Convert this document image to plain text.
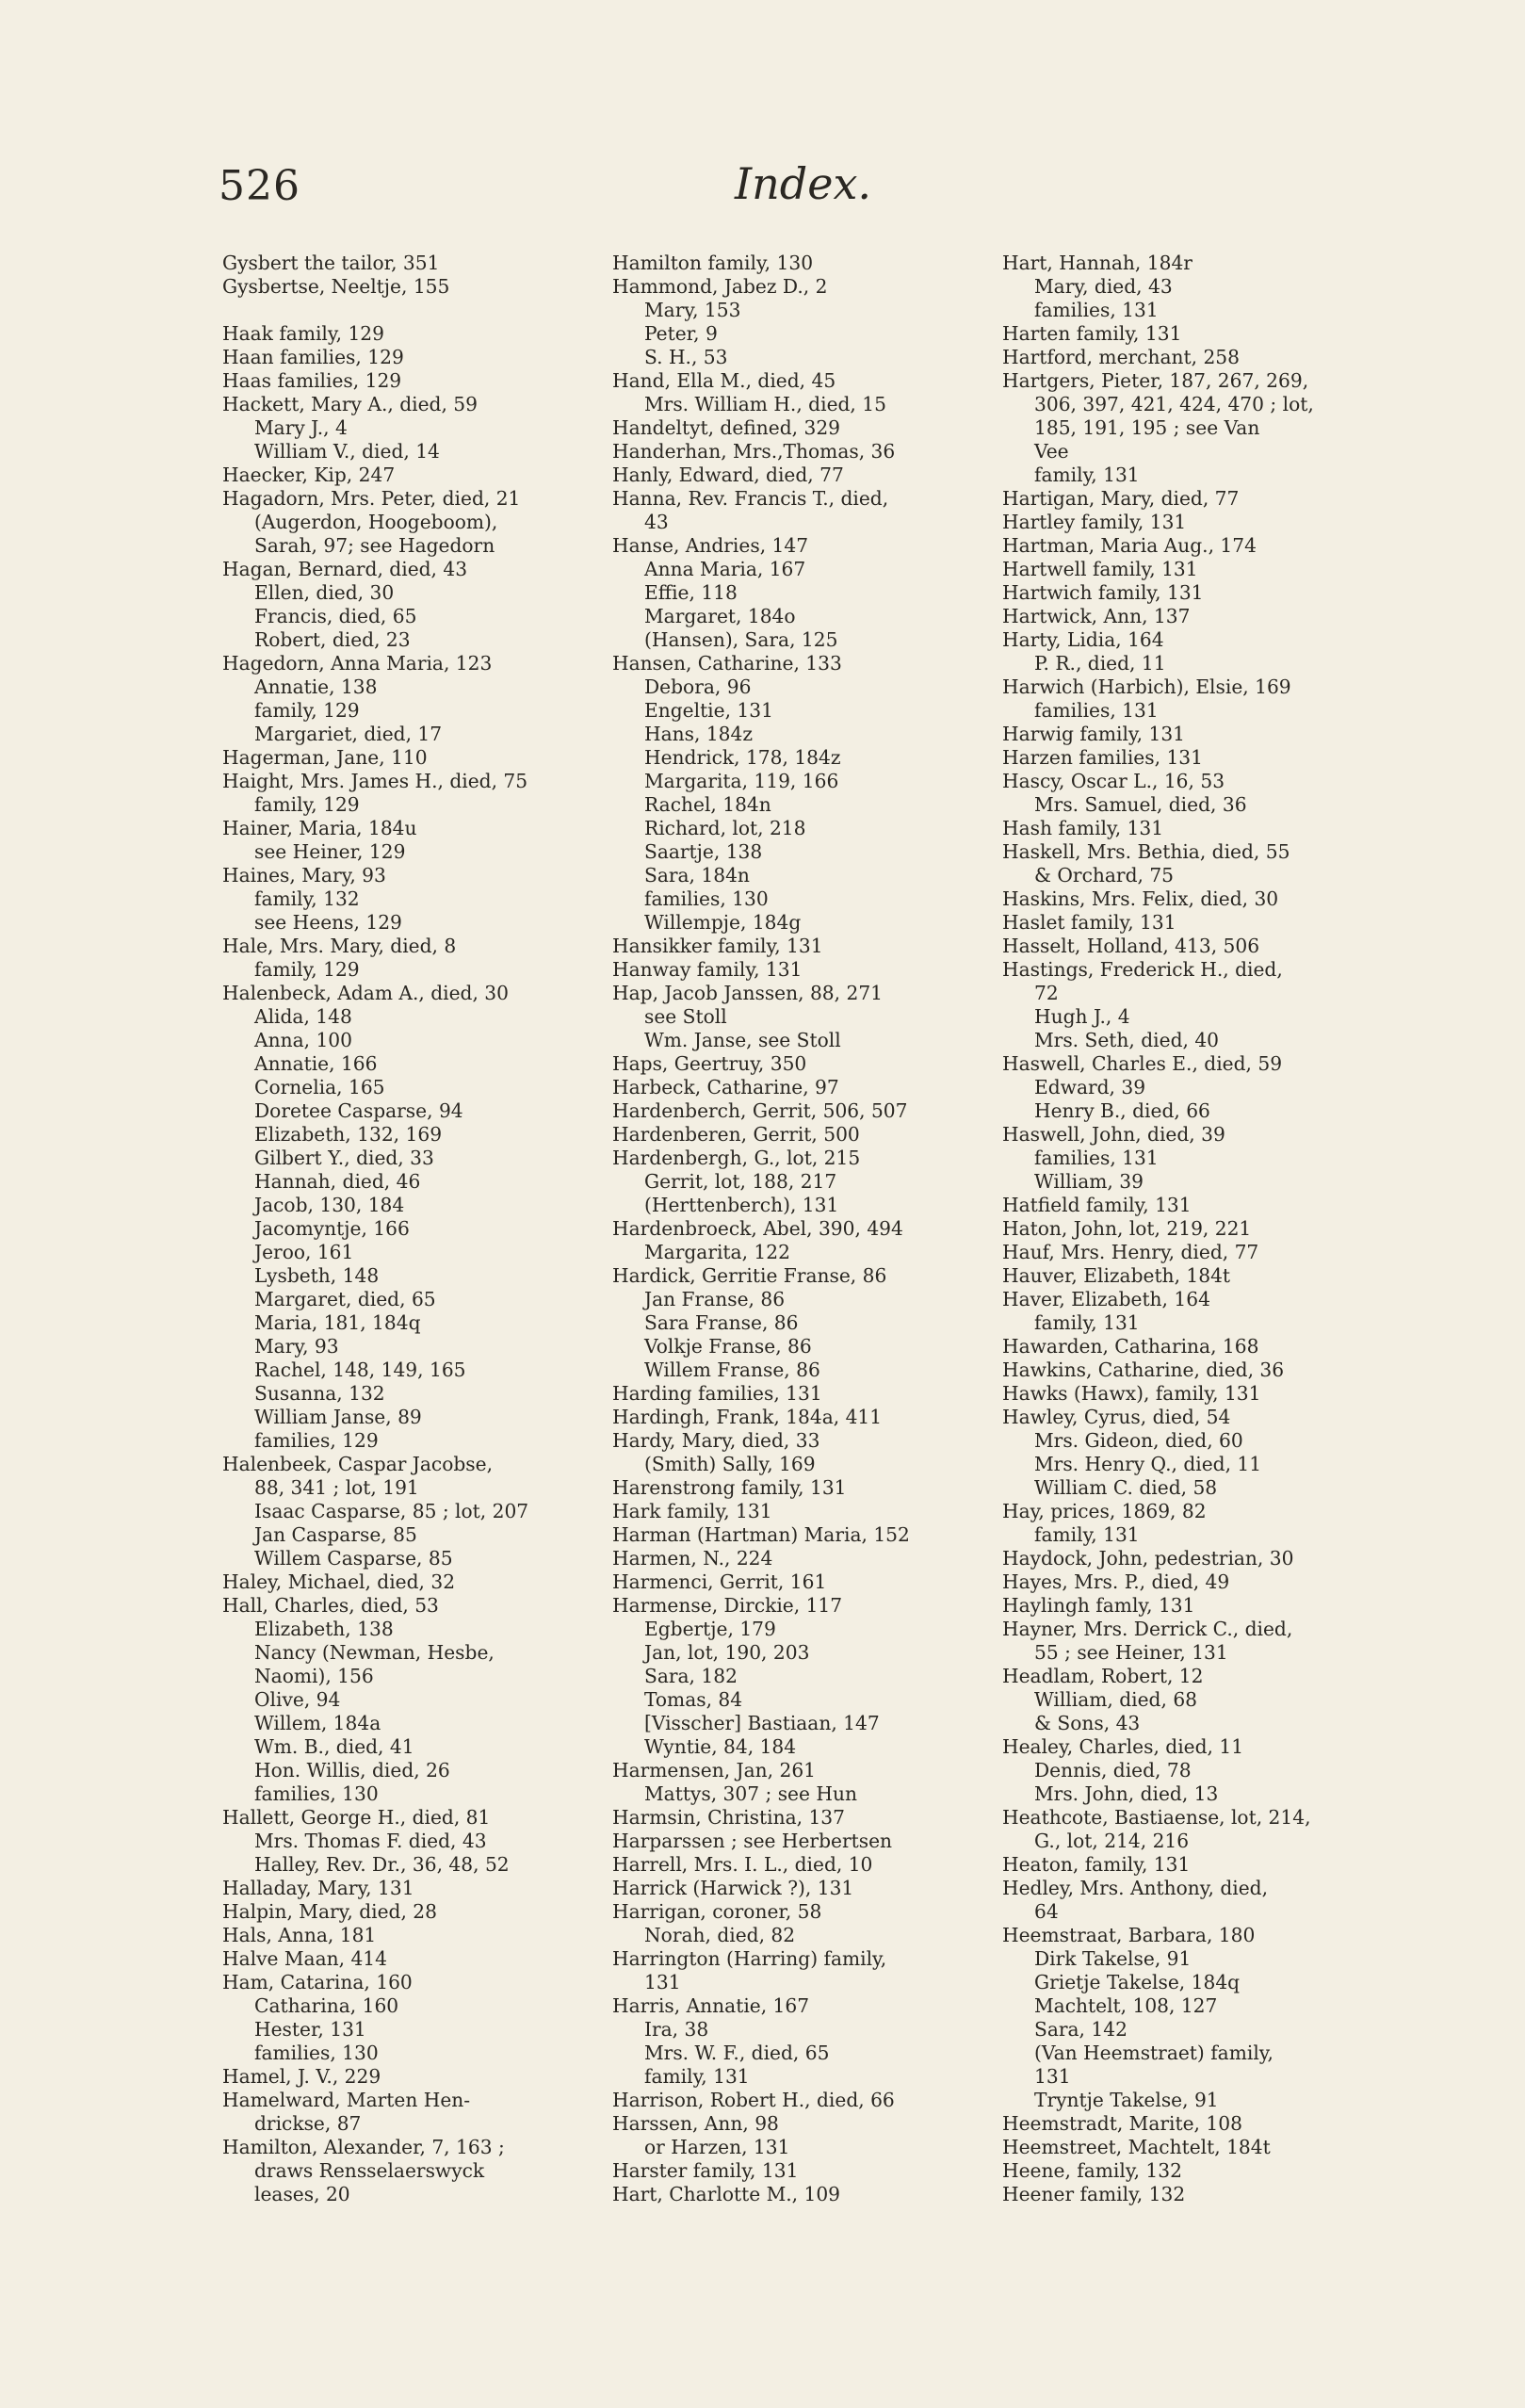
526	Index.
Gysbert the tailor, 351
Gysbertse, Neeltje, 155
Haak family, 129
Haan families, 129
Haas families, 129
Hackett, Mary A., died, 59
Mary J., 4
William V., died, 14
Haecker, Kip, 247
Hagadorn, Mrs. Peter, died, 21
(Augerdon, Hoogeboom),
Sarah, 97; see Hagedorn
Hagan, Bernard, died, 43
Ellen, died, 30
Francis, died, 65
Robert, died, 23
Hagedorn, Anna Maria, 123
Annatie, 138
family, 129
Margariet, died, 17
Hagerman, Jane, 110
Haight, Mrs. James H., died, 75
family, 129
Hainer, Maria, 184u
see Heiner, 129
Haines, Mary, 93
family, 132
see Heens, 129
Hale, Mrs. Mary, died, 8
family, 129
Halenbeck, Adam A., died, 30
Alida, 148
Anna, 100
Annatie, 166
Cornelia, 165
Doretee Casparse, 94
Elizabeth, 132, 169
Gilbert Y., died, 33
Hannah, died, 46
Jacob, 130, 184
Jacomyntje, 166
Jeroo, 161
Lysbeth, 148
Margaret, died, 65
Maria, 181, 184q
Mary, 93
Rachel, 148, 149, 165
Susanna, 132
William Janse, 89
families, 129
Halenbeek, Caspar Jacobse,
88, 341 ; lot, 191
Isaac Casparse, 85 ; lot, 207
Jan Casparse, 85
Willem Casparse, 85
Haley, Michael, died, 32
Hall, Charles, died, 53
Elizabeth, 138
Nancy (Newman, Hesbe,
Naomi), 156
Olive, 94
Willem, 184a
Wm. B., died, 41
Hon. Willis, died, 26
families, 130
Hallett, George H., died, 81
Mrs. Thomas F. died, 43
Halley, Rev. Dr., 36, 48, 52
Halladay, Mary, 131
Halpin, Mary, died, 28
Hals, Anna, 181
Halve Maan, 414
Ham, Catarina, 160
Catharina, 160
Hester, 131
families, 130
Hamel, J. V., 229
Hamelward, Marten Hen-
drickse, 87
Hamilton, Alexander, 7, 163 ;
draws Rensselaerswyck
leases, 20
Hamilton family, 130
Hammond, Jabez D., 2
Mary, 153
Peter, 9
S. H., 53
Hand, Ella M., died, 45
Mrs. William H., died, 15
Handeltyt, defined, 329
Handerhan, Mrs.,Thomas, 36
Hanly, Edward, died, 77
Hanna, Rev. Francis T., died,
43
Hanse, Andries, 147
Anna Maria, 167
Effie, 118
Margaret, 184o
(Hansen), Sara, 125
Hansen, Catharine, 133
Debora, 96
Engeltie, 131
Hans, 184z
Hendrick, 178, 184z
Margarita, 119, 166
Rachel, 184n
Richard, lot, 218
Saartje, 138
Sara, 184n
families, 130
Willempje, 184g
Hansikker family, 131
Hanway family, 131
Hap, Jacob Janssen, 88, 271
see Stoll
Wm. Janse, see Stoll
Haps, Geertruy, 350
Harbeck, Catharine, 97
Hardenberch, Gerrit, 506, 507
Hardenberen, Gerrit, 500
Hardenbergh, G., lot, 215
Gerrit, lot, 188, 217
(Herttenberch), 131
Hardenbroeck, Abel, 390, 494
Margarita, 122
Hardick, Gerritie Franse, 86
Jan Franse, 86
Sara Franse, 86
Volkje Franse, 86
Willem Franse, 86
Harding families, 131
Hardingh, Frank, 184a, 411
Hardy, Mary, died, 33
(Smith) Sally, 169
Harenstrong family, 131
Hark family, 131
Harman (Hartman) Maria, 152
Harmen, N., 224
Harmenci, Gerrit, 161
Harmense, Dirckie, 117
Egbertje, 179
Jan, lot, 190, 203
Sara, 182
Tomas, 84
[Visscher] Bastiaan, 147
Wyntie, 84, 184
Harmensen, Jan, 261
Mattys, 307 ; see Hun
Harmsin, Christina, 137
Harparssen ; see Herbertsen
Harrell, Mrs. I. L., died, 10
Harrick (Harwick ?), 131
Harrigan, coroner, 58
Norah, died, 82
Harrington (Harring) family,
131
Harris, Annatie, 167
Ira, 38
Mrs. W. F., died, 65
family, 131
Harrison, Robert H., died, 66
Harssen, Ann, 98
or Harzen, 131
Harster family, 131
Hart, Charlotte M., 109
Hart, Hannah, 184r
Mary, died, 43
families, 131
Harten family, 131
Hartford, merchant, 258
Hartgers, Pieter, 187, 267, 269,
306, 397, 421, 424, 470 ; lot,
185, 191, 195 ; see Van
Vee
family, 131
Hartigan, Mary, died, 77
Hartley family, 131
Hartman, Maria Aug., 174
Hartwell family, 131
Hartwich family, 131
Hartwick, Ann, 137
Harty, Lidia, 164
P. R., died, 11
Harwich (Harbich), Elsie, 169
families, 131
Harwig family, 131
Harzen families, 131
Hascy, Oscar L., 16, 53
Mrs. Samuel, died, 36
Hash family, 131
Haskell, Mrs. Bethia, died, 55
& Orchard, 75
Haskins, Mrs. Felix, died, 30
Haslet family, 131
Hasselt, Holland, 413, 506
Hastings, Frederick H., died,
72
Hugh J., 4
Mrs. Seth, died, 40
Haswell, Charles E., died, 59
Edward, 39
Henry B., died, 66
Haswell, John, died, 39
families, 131
William, 39
Hatfield family, 131
Haton, John, lot, 219, 221
Hauf, Mrs. Henry, died, 77
Hauver, Elizabeth, 184t
Haver, Elizabeth, 164
family, 131
Hawarden, Catharina, 168
Hawkins, Catharine, died, 36
Hawks (Hawx), family, 131
Hawley, Cyrus, died, 54
Mrs. Gideon, died, 60
Mrs. Henry Q., died, 11
William C. died, 58
Hay, prices, 1869, 82
family, 131
Haydock, John, pedestrian, 30
Hayes, Mrs. P., died, 49
Haylingh famly, 131
Hayner, Mrs. Derrick C., died,
55 ; see Heiner, 131
Headlam, Robert, 12
William, died, 68
& Sons, 43
Healey, Charles, died, 11
Dennis, died, 78
Mrs. John, died, 13
Heathcote, Bastiaense, lot, 214,
G., lot, 214, 216
Heaton, family, 131
Hedley, Mrs. Anthony, died,
64
Heemstraat, Barbara, 180
Dirk Takelse, 91
Grietje Takelse, 184q
Machtelt, 108, 127
Sara, 142
(Van Heemstraet) family,
131
Tryntje Takelse, 91
Heemstradt, Marite, 108
Heemstreet, Machtelt, 184t
Heene, family, 132
Heener family, 132
